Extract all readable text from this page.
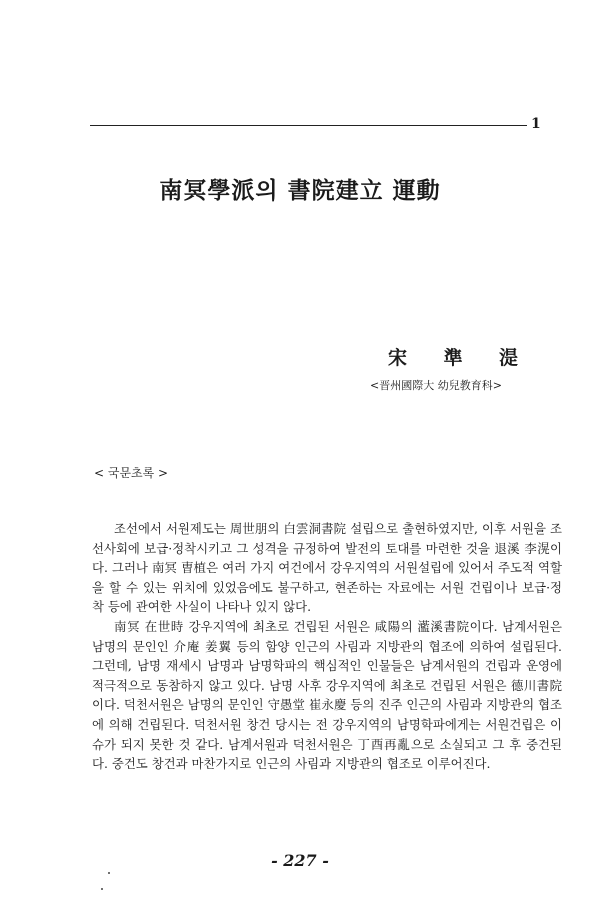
1
南冥學派의 書院建立 運動
宋 準 湜
<晋州國際大 幼兒教育科>
< 국문초록 >

조선에서 서원제도는 周世朋의 白雲洞書院 설립으로 출현하였지만, 이후 서원을 조선사회에 보급·정착시키고 그 성격을 규정하여 발전의 토대를 마련한 것을 退溪 李滉이다. 그러나 南冥 曺植은 여러 가지 여건에서 강우지역의 서원설립에 있어서 주도적 역할을 할 수 있는 위치에 있었음에도 불구하고, 현존하는 자료에는 서원 건립이나 보급·정착 등에 관여한 사실이 나타나 있지 않다.

南冥 在世時 강우지역에 최초로 건립된 서원은 咸陽의 灆溪書院이다. 남계서원은 남명의 문인인 介庵 姜翼 등의 함양 인근의 사림과 지방관의 협조에 의하여 설립된다. 그런데, 남명 재세시 남명과 남명학파의 핵심적인 인물들은 남계서원의 건립과 운영에 적극적으로 동참하지 않고 있다. 남명 사후 강우지역에 최초로 건립된 서원은 德川書院이다. 덕천서원은 남명의 문인인 守愚堂 崔永慶 등의 진주 인근의 사림과 지방관의 협조에 의해 건립된다. 덕천서원 창건 당시는 전 강우지역의 남명학파에게는 서원건립은 이슈가 되지 못한 것 같다. 남계서원과 덕천서원은 丁酉再亂으로 소실되고 그 후 중건된다. 중건도 창건과 마찬가지로 인근의 사림과 지방관의 협조로 이루어진다.

- 227 -
